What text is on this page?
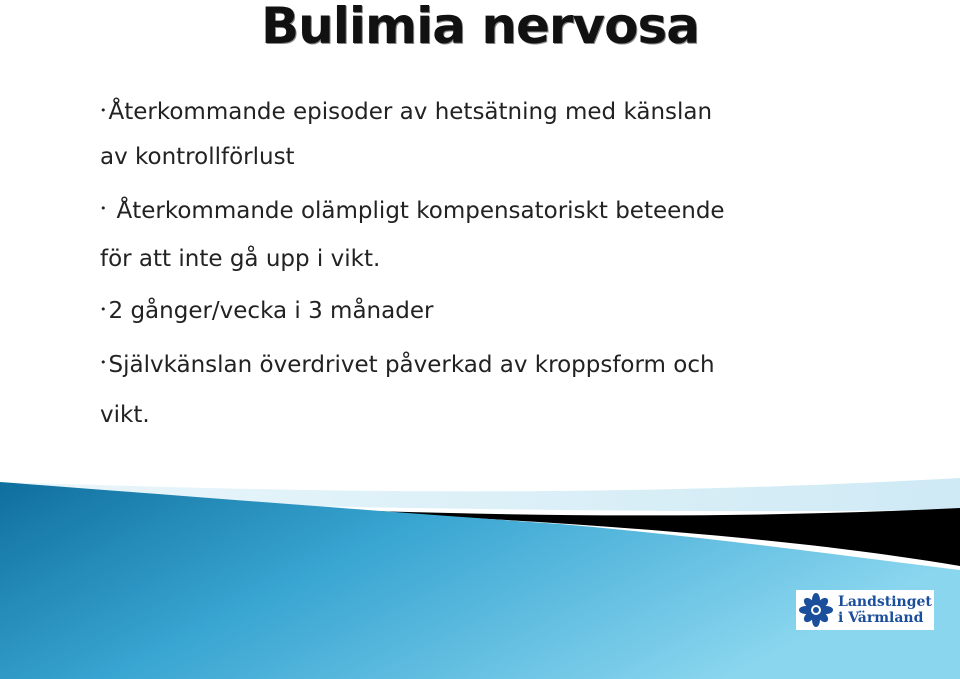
Bulimia nervosa

•Återkommande episoder av hetsätning med känslan
av kontrollförlust

• Återkommande olämpligt kompensatoriskt beteende
för att inte gå upp i vikt.

•2 gånger/vecka i 3 månader

•Självkänslan överdrivet påverkad av kroppsform och
vikt.

Landstinget
i Värmland
